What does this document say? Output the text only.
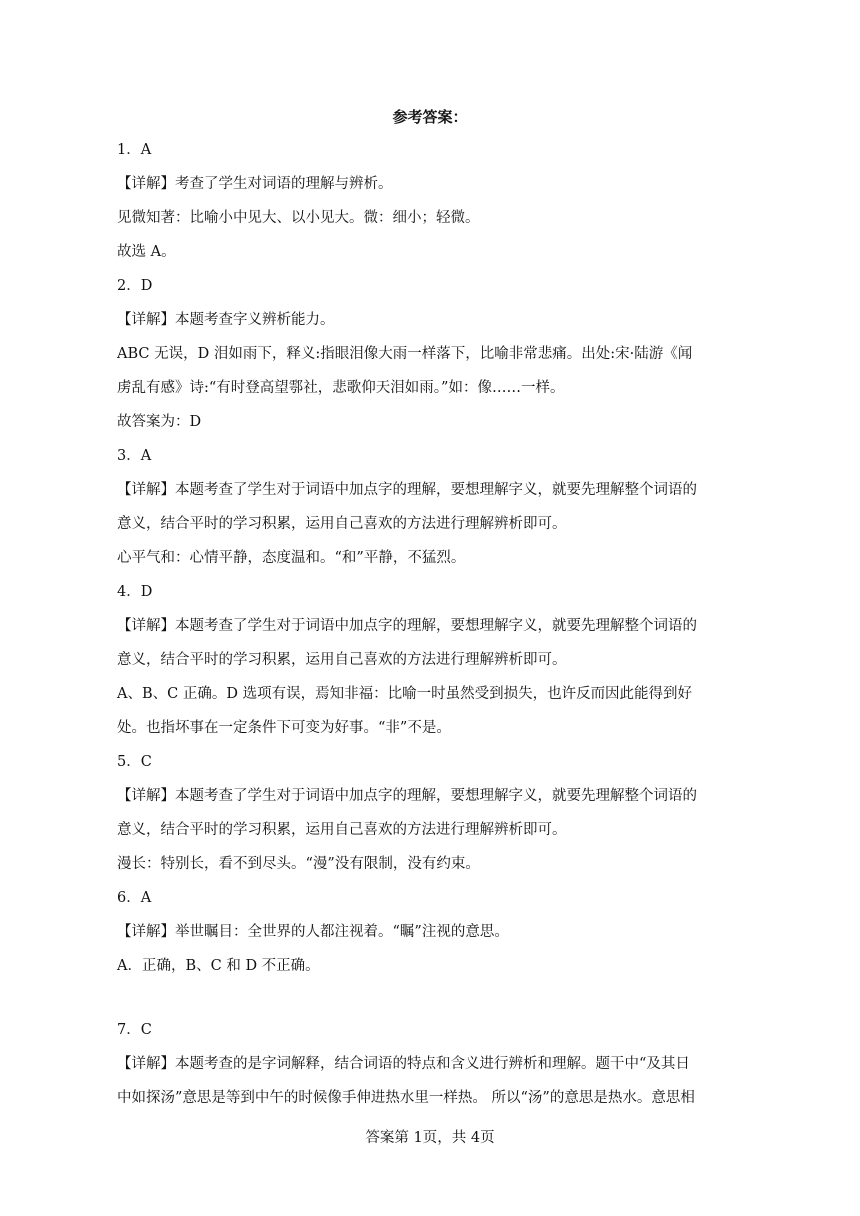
参考答案：
1．A
【详解】考查了学生对词语的理解与辨析。
见微知著：比喻小中见大、以小见大。微：细小；轻微。
故选 A。
2．D
【详解】本题考查字义辨析能力。
ABC 无误，D 泪如雨下，释义:指眼泪像大雨一样落下，比喻非常悲痛。出处:宋·陆游《闻
虏乱有感》诗:“有时登高望鄠社，悲歌仰天泪如雨。”如：像……一样。
故答案为：D
3．A
【详解】本题考查了学生对于词语中加点字的理解，要想理解字义，就要先理解整个词语的
意义，结合平时的学习积累，运用自己喜欢的方法进行理解辨析即可。
心平气和：心情平静，态度温和。“和”平静，不猛烈。
4．D
【详解】本题考查了学生对于词语中加点字的理解，要想理解字义，就要先理解整个词语的
意义，结合平时的学习积累，运用自己喜欢的方法进行理解辨析即可。
A、B、C 正确。D 选项有误，焉知非福：比喻一时虽然受到损失，也许反而因此能得到好
处。也指坏事在一定条件下可变为好事。“非”不是。
5．C
【详解】本题考查了学生对于词语中加点字的理解，要想理解字义，就要先理解整个词语的
意义，结合平时的学习积累，运用自己喜欢的方法进行理解辨析即可。
漫长：特别长，看不到尽头。“漫”没有限制，没有约束。
6．A
【详解】举世瞩目：全世界的人都注视着。“瞩”注视的意思。
A．正确，B、C 和 D 不正确。
7．C
【详解】本题考查的是字词解释，结合词语的特点和含义进行辨析和理解。题干中“及其日
中如探汤”意思是等到中午的时候像手伸进热水里一样热。 所以“汤”的意思是热水。意思相
答案第 1页，共 4页
